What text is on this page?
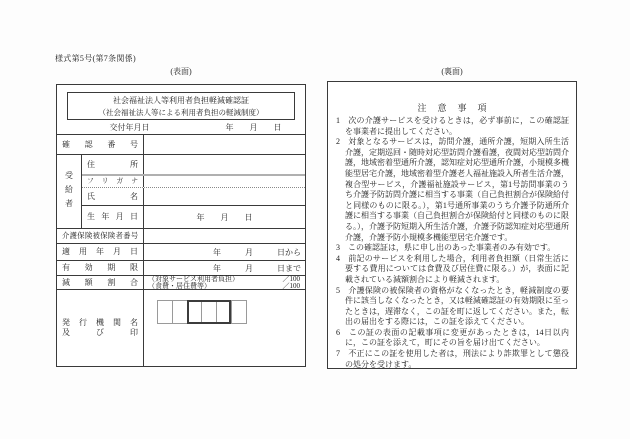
様式第5号(第7条関係)
(表面)	(裏面)
社会福祉法人等利用者負担軽減確認証
（社会福祉法人等による利用者負担の軽減制度）
交付年月日	年　　月　　日
確認番号
受給者
住所
フリガナ
氏名
生年月日	年　　月　　日
介護保険被保険者番号
適用年月日	年　　　月　　　日から
有効期限	年　　　月　　　日まで
減額割合 （対象サービス利用者負担）	／100
（食費・居住費等）	／100
発行機関名
及び印

注　意　事　項

1　次の介護サービスを受けるときは，必ず事前に，この確認証を事業者に提出してください。

2　対象となるサービスは，訪問介護，通所介護，短期入所生活介護，定期巡回・随時対応型訪問介護看護，夜間対応型訪問介護，地域密着型通所介護，認知症対応型通所介護，小規模多機能型居宅介護，地域密着型介護老人福祉施設入所者生活介護，複合型サービス，介護福祉施設サービス，第1号訪問事業のうち介護予防訪問介護に相当する事業（自己負担割合が保険給付と同様のものに限る。），第1号通所事業のうち介護予防通所介護に相当する事業（自己負担割合が保険給付と同様のものに限る。），介護予防短期入所生活介護，介護予防認知症対応型通所介護，介護予防小規模多機能型居宅介護です。

3　この確認証は，県に申し出のあった事業者のみ有効です。

4　前記のサービスを利用した場合，利用者負担額（日常生活に要する費用については食費及び居住費に限る。）が，表面に記載されている減額割合により軽減されます。

5　介護保険の被保険者の資格がなくなったとき，軽減制度の要件に該当しなくなったとき，又は軽減確認証の有効期限に至ったときは，遅滞なく，この証を町に返してください。また，転出の届出をする際には，この証を添えてください。

6　この証の表面の記載事項に変更があったときは，14日以内に，この証を添えて，町にその旨を届け出てください。

7　不正にこの証を使用した者は，刑法により詐欺罪として懲役の処分を受けます。
